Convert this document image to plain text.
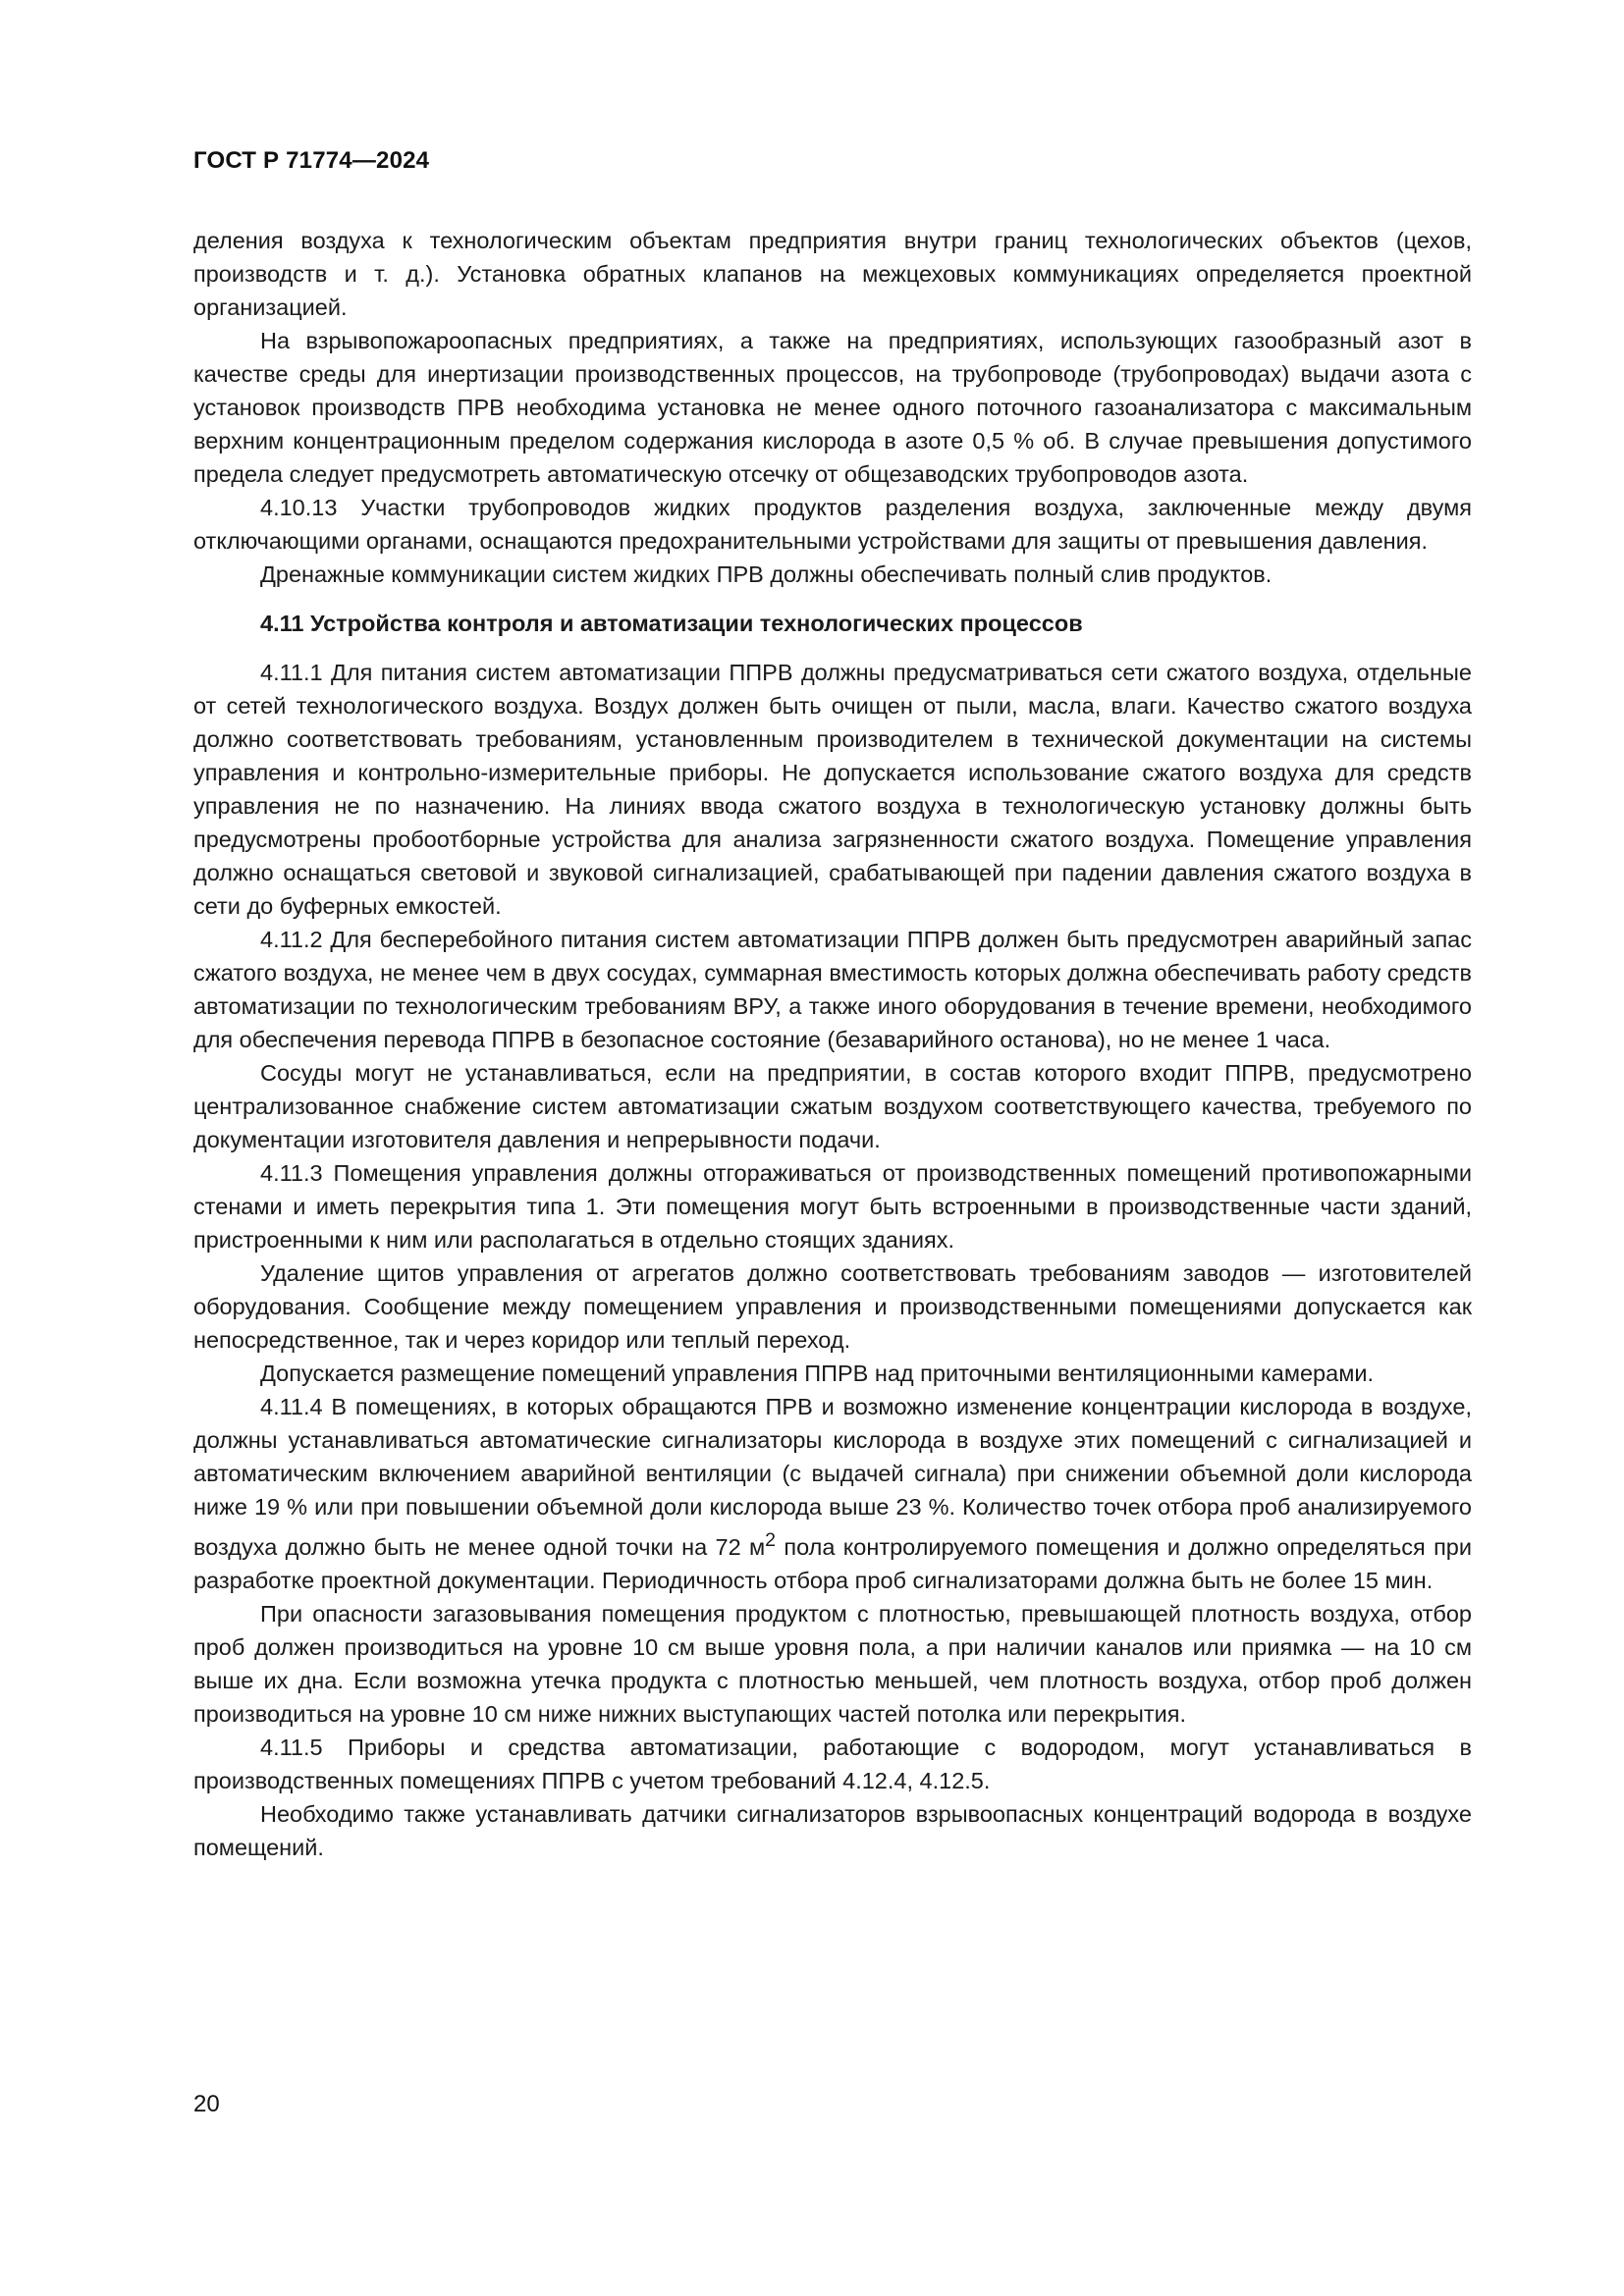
ГОСТ Р 71774—2024

деления воздуха к технологическим объектам предприятия внутри границ технологических объектов (цехов, производств и т. д.). Установка обратных клапанов на межцеховых коммуникациях определяется проектной организацией.

На взрывопожароопасных предприятиях, а также на предприятиях, использующих газообразный азот в качестве среды для инертизации производственных процессов, на трубопроводе (трубопроводах) выдачи азота с установок производств ПРВ необходима установка не менее одного поточного газоанализатора с максимальным верхним концентрационным пределом содержания кислорода в азоте 0,5 % об. В случае превышения допустимого предела следует предусмотреть автоматическую отсечку от общезаводских трубопроводов азота.

4.10.13 Участки трубопроводов жидких продуктов разделения воздуха, заключенные между двумя отключающими органами, оснащаются предохранительными устройствами для защиты от превышения давления.

Дренажные коммуникации систем жидких ПРВ должны обеспечивать полный слив продуктов.

4.11 Устройства контроля и автоматизации технологических процессов

4.11.1 Для питания систем автоматизации ППРВ должны предусматриваться сети сжатого воздуха, отдельные от сетей технологического воздуха. Воздух должен быть очищен от пыли, масла, влаги. Качество сжатого воздуха должно соответствовать требованиям, установленным производителем в технической документации на системы управления и контрольно-измерительные приборы. Не допускается использование сжатого воздуха для средств управления не по назначению. На линиях ввода сжатого воздуха в технологическую установку должны быть предусмотрены пробоотборные устройства для анализа загрязненности сжатого воздуха. Помещение управления должно оснащаться световой и звуковой сигнализацией, срабатывающей при падении давления сжатого воздуха в сети до буферных емкостей.

4.11.2 Для бесперебойного питания систем автоматизации ППРВ должен быть предусмотрен аварийный запас сжатого воздуха, не менее чем в двух сосудах, суммарная вместимость которых должна обеспечивать работу средств автоматизации по технологическим требованиям ВРУ, а также иного оборудования в течение времени, необходимого для обеспечения перевода ППРВ в безопасное состояние (безаварийного останова), но не менее 1 часа.

Сосуды могут не устанавливаться, если на предприятии, в состав которого входит ППРВ, предусмотрено централизованное снабжение систем автоматизации сжатым воздухом соответствующего качества, требуемого по документации изготовителя давления и непрерывности подачи.

4.11.3 Помещения управления должны отгораживаться от производственных помещений противопожарными стенами и иметь перекрытия типа 1. Эти помещения могут быть встроенными в производственные части зданий, пристроенными к ним или располагаться в отдельно стоящих зданиях.

Удаление щитов управления от агрегатов должно соответствовать требованиям заводов — изготовителей оборудования. Сообщение между помещением управления и производственными помещениями допускается как непосредственное, так и через коридор или теплый переход.

Допускается размещение помещений управления ППРВ над приточными вентиляционными камерами.

4.11.4 В помещениях, в которых обращаются ПРВ и возможно изменение концентрации кислорода в воздухе, должны устанавливаться автоматические сигнализаторы кислорода в воздухе этих помещений с сигнализацией и автоматическим включением аварийной вентиляции (с выдачей сигнала) при снижении объемной доли кислорода ниже 19 % или при повышении объемной доли кислорода выше 23 %. Количество точек отбора проб анализируемого воздуха должно быть не менее одной точки на 72 $м^2$ пола контролируемого помещения и должно определяться при разработке проектной документации. Периодичность отбора проб сигнализаторами должна быть не более 15 мин.

При опасности загазовывания помещения продуктом с плотностью, превышающей плотность воздуха, отбор проб должен производиться на уровне 10 см выше уровня пола, а при наличии каналов или приямка — на 10 см выше их дна. Если возможна утечка продукта с плотностью меньшей, чем плотность воздуха, отбор проб должен производиться на уровне 10 см ниже нижних выступающих частей потолка или перекрытия.

4.11.5 Приборы и средства автоматизации, работающие с водородом, могут устанавливаться в производственных помещениях ППРВ с учетом требований 4.12.4, 4.12.5.

Необходимо также устанавливать датчики сигнализаторов взрывоопасных концентраций водорода в воздухе помещений.

20
